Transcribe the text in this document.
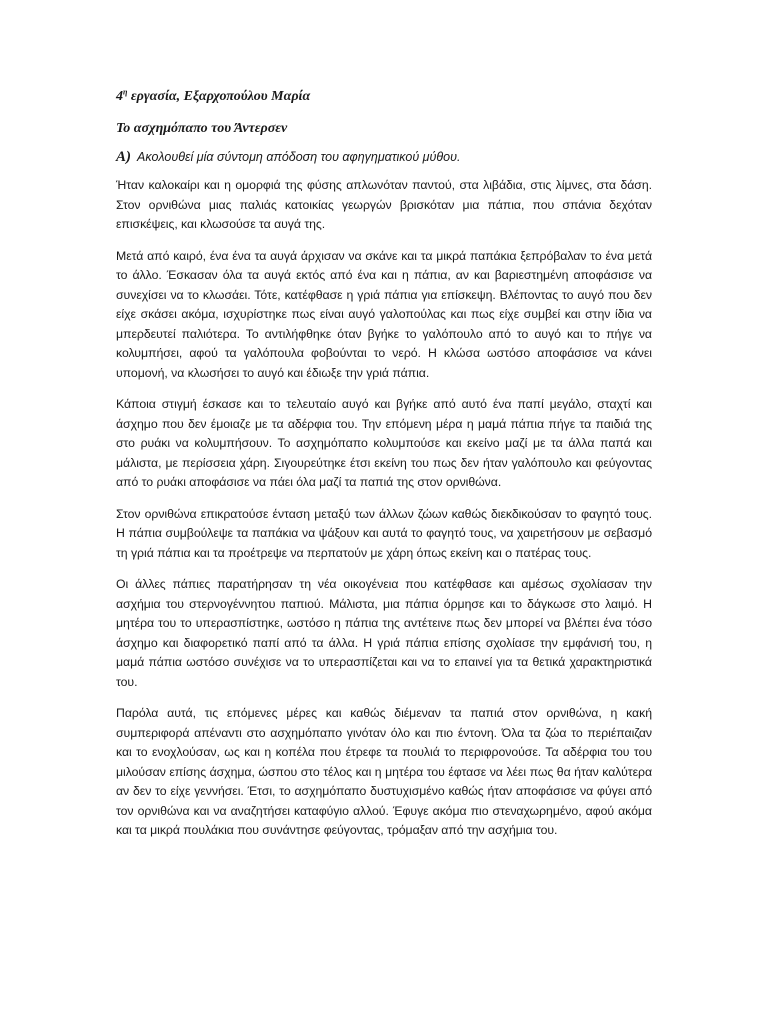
$4^\eta$ εργασία, Εξαρχοπούλου Μαρία
Το ασχημόπαπο του Άντερσεν
Α) Ακολουθεί μία σύντομη απόδοση του αφηγηματικού μύθου.

Ήταν καλοκαίρι και η ομορφιά της φύσης απλωνόταν παντού, στα λιβάδια, στις λίμνες, στα δάση. Στον ορνιθώνα μιας παλιάς κατοικίας γεωργών βρισκόταν μια πάπια, που σπάνια δεχόταν επισκέψεις, και κλωσούσε τα αυγά της.

Μετά από καιρό, ένα ένα τα αυγά άρχισαν να σκάνε και τα μικρά παπάκια ξεπρόβαλαν το ένα μετά το άλλο. Έσκασαν όλα τα αυγά εκτός από ένα και η πάπια, αν και βαριεστημένη αποφάσισε να συνεχίσει να το κλωσάει. Τότε, κατέφθασε η γριά πάπια για επίσκεψη. Βλέποντας το αυγό που δεν είχε σκάσει ακόμα, ισχυρίστηκε πως είναι αυγό γαλοπούλας και πως είχε συμβεί και στην ίδια να μπερδευτεί παλιότερα. Το αντιλήφθηκε όταν βγήκε το γαλόπουλο από το αυγό και το πήγε να κολυμπήσει, αφού τα γαλόπουλα φοβούνται το νερό. Η κλώσα ωστόσο αποφάσισε να κάνει υπομονή, να κλωσήσει το αυγό και έδιωξε την γριά πάπια.

Κάποια στιγμή έσκασε και το τελευταίο αυγό και βγήκε από αυτό ένα παπί μεγάλο, σταχτί και άσχημο που δεν έμοιαζε με τα αδέρφια του. Την επόμενη μέρα η μαμά πάπια πήγε τα παιδιά της στο ρυάκι να κολυμπήσουν. Το ασχημόπαπο κολυμπούσε και εκείνο μαζί με τα άλλα παπά και μάλιστα, με περίσσεια χάρη. Σιγουρεύτηκε έτσι εκείνη του πως δεν ήταν γαλόπουλο και φεύγοντας από το ρυάκι αποφάσισε να πάει όλα μαζί τα παπιά της στον ορνιθώνα.

Στον ορνιθώνα επικρατούσε ένταση μεταξύ των άλλων ζώων καθώς διεκδικούσαν το φαγητό τους. Η πάπια συμβούλεψε τα παπάκια να ψάξουν και αυτά το φαγητό τους, να χαιρετήσουν με σεβασμό τη γριά πάπια και τα προέτρεψε να περπατούν με χάρη όπως εκείνη και ο πατέρας τους.

Οι άλλες πάπιες παρατήρησαν τη νέα οικογένεια που κατέφθασε και αμέσως σχολίασαν την ασχήμια του στερνογέννητου παπιού. Μάλιστα, μια πάπια όρμησε και το δάγκωσε στο λαιμό. Η μητέρα του το υπερασπίστηκε, ωστόσο η πάπια της αντέτεινε πως δεν μπορεί να βλέπει ένα τόσο άσχημο και διαφορετικό παπί από τα άλλα. Η γριά πάπια επίσης σχολίασε την εμφάνισή του, η μαμά πάπια ωστόσο συνέχισε να το υπερασπίζεται και να το επαινεί για τα θετικά χαρακτηριστικά του.

Παρόλα αυτά, τις επόμενες μέρες και καθώς διέμεναν τα παπιά στον ορνιθώνα, η κακή συμπεριφορά απέναντι στο ασχημόπαπο γινόταν όλο και πιο έντονη. Όλα τα ζώα το περιέπαιζαν και το ενοχλούσαν, ως και η κοπέλα που έτρεφε τα πουλιά το περιφρονούσε. Τα αδέρφια του του μιλούσαν επίσης άσχημα, ώσπου στο τέλος και η μητέρα του έφτασε να λέει πως θα ήταν καλύτερα αν δεν το είχε γεννήσει. Έτσι, το ασχημόπαπο δυστυχισμένο καθώς ήταν αποφάσισε να φύγει από τον ορνιθώνα και να αναζητήσει καταφύγιο αλλού. Έφυγε ακόμα πιο στεναχωρημένο, αφού ακόμα και τα μικρά πουλάκια που συνάντησε φεύγοντας, τρόμαξαν από την ασχήμια του.
